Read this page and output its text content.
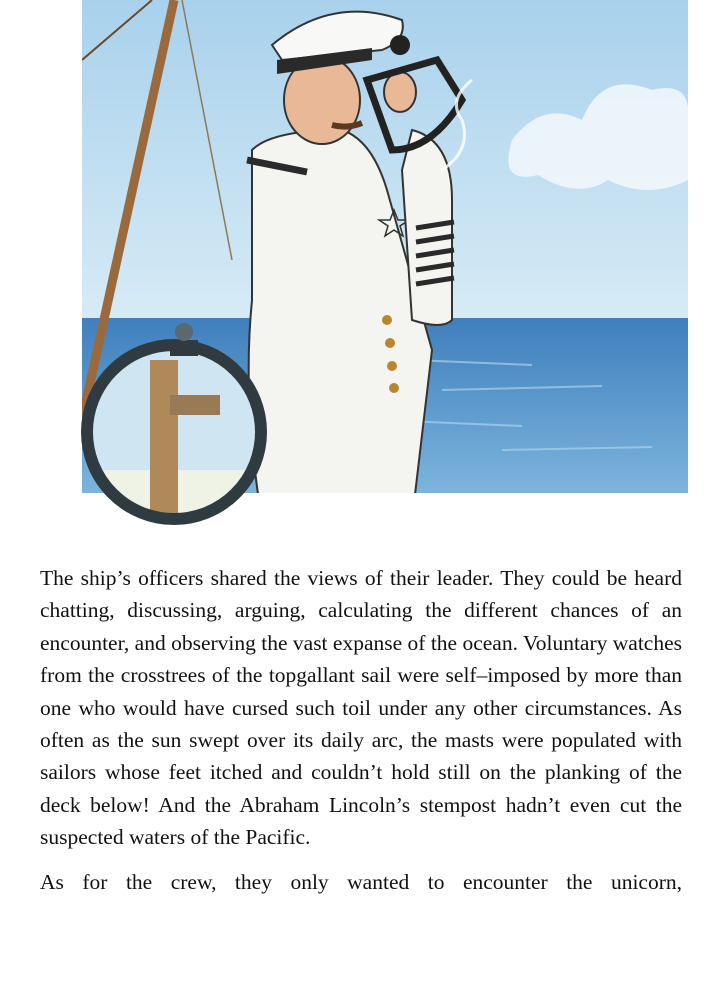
The ship’s officers shared the views of their leader. They could be heard chatting, discussing, arguing, calculating the different chances of an encounter, and observing the vast expanse of the ocean. Voluntary watches from the crosstrees of the topgallant sail were self–imposed by more than one who would have cursed such toil under any other circumstances. As often as the sun swept over its daily arc, the masts were populated with sailors whose feet itched and couldn’t hold still on the planking of the deck below! And the Abraham Lincoln’s stempost hadn’t even cut the suspected waters of the Pacific.

As for the crew, they only wanted to encounter the unicorn,
